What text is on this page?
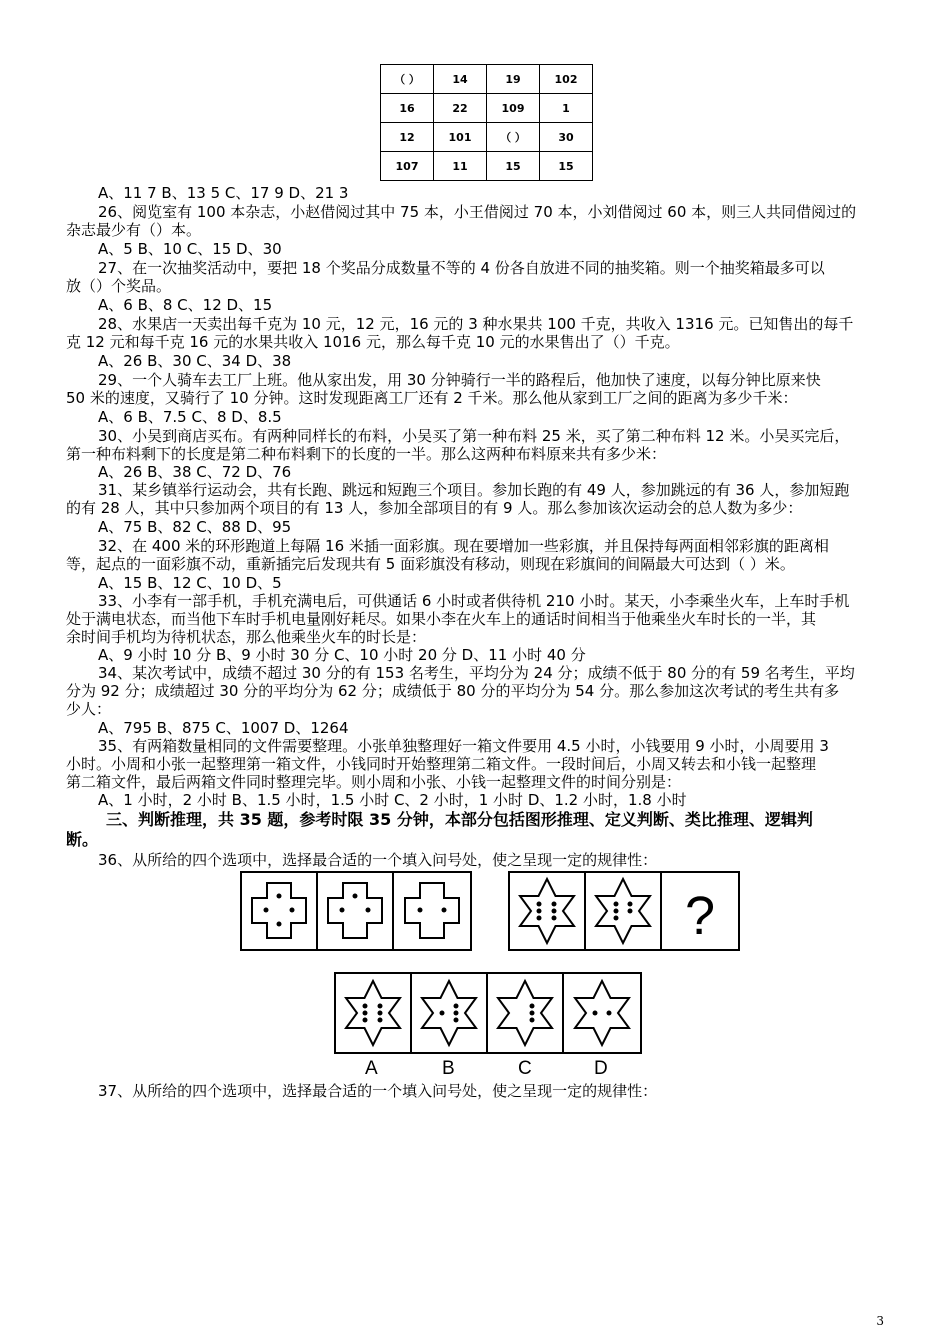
（ ）	14	19	102
16	22	109	1
12	101	（ ）	30
107	11	15	15
A、11 7 B、13 5 C、17 9 D、21 3
26、阅览室有 100 本杂志，小赵借阅过其中 75 本，小王借阅过 70 本，小刘借阅过 60 本，则三人共同借阅过的
杂志最少有（）本。
A、5 B、10 C、15 D、30
27、在一次抽奖活动中，要把 18 个奖品分成数量不等的 4 份各自放进不同的抽奖箱。则一个抽奖箱最多可以
放（）个奖品。
A、6 B、8 C、12 D、15
28、水果店一天卖出每千克为 10 元，12 元，16 元的 3 种水果共 100 千克，共收入 1316 元。已知售出的每千
克 12 元和每千克 16 元的水果共收入 1016 元，那么每千克 10 元的水果售出了（）千克。
A、26 B、30 C、34 D、38
29、一个人骑车去工厂上班。他从家出发，用 30 分钟骑行一半的路程后，他加快了速度，以每分钟比原来快
50 米的速度，又骑行了 10 分钟。这时发现距离工厂还有 2 千米。那么他从家到工厂之间的距离为多少千米：
A、6 B、7.5 C、8 D、8.5
30、小吴到商店买布。有两种同样长的布料，小吴买了第一种布料 25 米，买了第二种布料 12 米。小吴买完后，
第一种布料剩下的长度是第二种布料剩下的长度的一半。那么这两种布料原来共有多少米：
A、26 B、38 C、72 D、76
31、某乡镇举行运动会，共有长跑、跳远和短跑三个项目。参加长跑的有 49 人，参加跳远的有 36 人，参加短跑
的有 28 人，其中只参加两个项目的有 13 人，参加全部项目的有 9 人。那么参加该次运动会的总人数为多少：
A、75 B、82 C、88 D、95
32、在 400 米的环形跑道上每隔 16 米插一面彩旗。现在要增加一些彩旗，并且保持每两面相邻彩旗的距离相
等，起点的一面彩旗不动，重新插完后发现共有 5 面彩旗没有移动，则现在彩旗间的间隔最大可达到（ ）米。
A、15 B、12 C、10 D、5
33、小李有一部手机，手机充满电后，可供通话 6 小时或者供待机 210 小时。某天，小李乘坐火车，上车时手机
处于满电状态，而当他下车时手机电量刚好耗尽。如果小李在火车上的通话时间相当于他乘坐火车时长的一半，其
余时间手机均为待机状态，那么他乘坐火车的时长是：
A、9 小时 10 分 B、9 小时 30 分 C、10 小时 20 分 D、11 小时 40 分
34、某次考试中，成绩不超过 30 分的有 153 名考生，平均分为 24 分；成绩不低于 80 分的有 59 名考生，平均
分为 92 分；成绩超过 30 分的平均分为 62 分；成绩低于 80 分的平均分为 54 分。那么参加这次考试的考生共有多
少人：
A、795 B、875 C、1007 D、1264
35、有两箱数量相同的文件需要整理。小张单独整理好一箱文件要用 4.5 小时，小钱要用 9 小时，小周要用 3
小时。小周和小张一起整理第一箱文件，小钱同时开始整理第二箱文件。一段时间后，小周又转去和小钱一起整理
第二箱文件，最后两箱文件同时整理完毕。则小周和小张、小钱一起整理文件的时间分别是：
A、1 小时，2 小时 B、1.5 小时，1.5 小时 C、2 小时，1 小时 D、1.2 小时，1.8 小时
三、判断推理，共 35 题，参考时限 35 分钟，本部分包括图形推理、定义判断、类比推理、逻辑判
断。
36、从所给的四个选项中，选择最合适的一个填入问号处，使之呈现一定的规律性：
?
A	B	C	D
37、从所给的四个选项中，选择最合适的一个填入问号处，使之呈现一定的规律性：
3
